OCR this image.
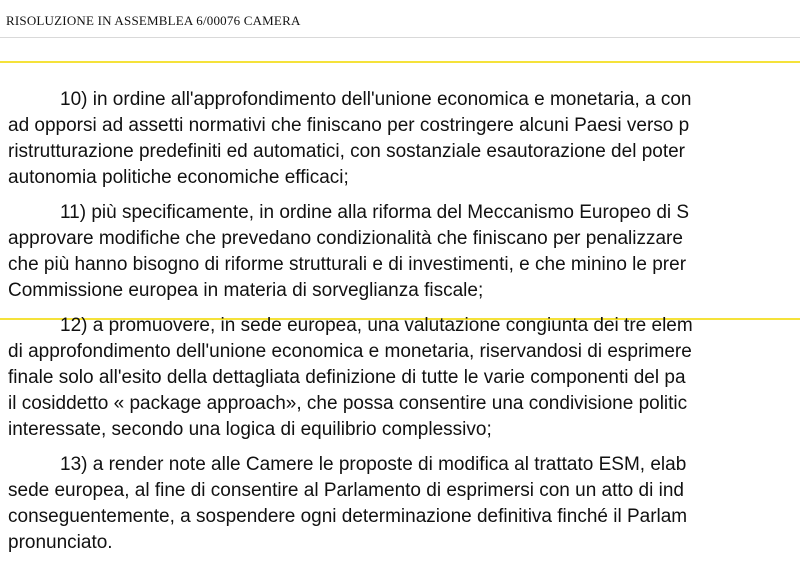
RISOLUZIONE IN ASSEMBLEA 6/00076 CAMERA
10) in ordine all'approfondimento dell'unione economica e monetaria, a con
ad opporsi ad assetti normativi che finiscano per costringere alcuni Paesi verso p
ristrutturazione predefiniti ed automatici, con sostanziale esautorazione del poter
autonomia politiche economiche efficaci;
11) più specificamente, in ordine alla riforma del Meccanismo Europeo di S
approvare modifiche che prevedano condizionalità che finiscano per penalizzare
che più hanno bisogno di riforme strutturali e di investimenti, e che minino le prer
Commissione europea in materia di sorveglianza fiscale;
12) a promuovere, in sede europea, una valutazione congiunta dei tre elem
di approfondimento dell'unione economica e monetaria, riservandosi di esprimere
finale solo all'esito della dettagliata definizione di tutte le varie componenti del pa
il cosiddetto « package approach», che possa consentire una condivisione politic
interessate, secondo una logica di equilibrio complessivo;
13) a render note alle Camere le proposte di modifica al trattato ESM, elab
sede europea, al fine di consentire al Parlamento di esprimersi con un atto di ind
conseguentemente, a sospendere ogni determinazione definitiva finché il Parlam
pronunciato.
